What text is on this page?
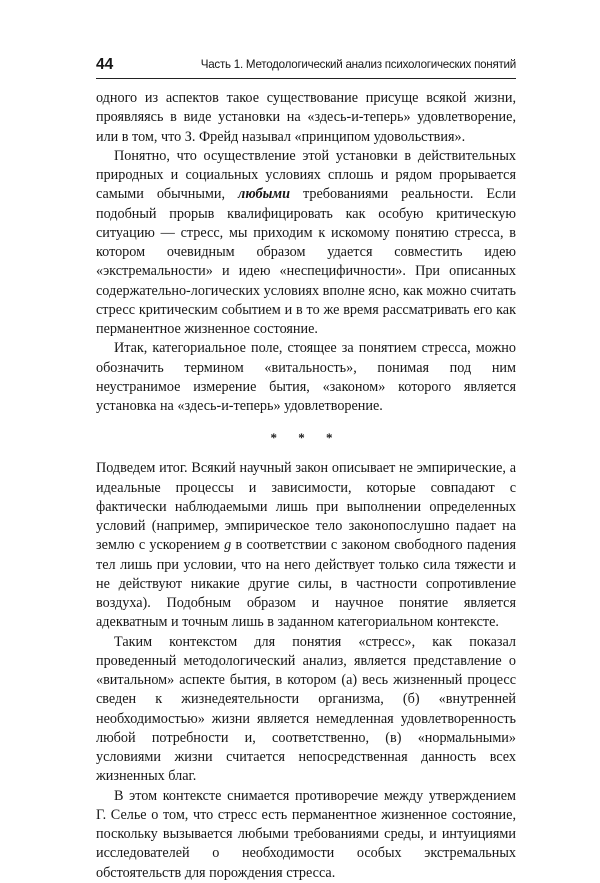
44	Часть 1. Методологический анализ психологических понятий

одного из аспектов такое существование присуще всякой жизни, проявляясь в виде установки на «здесь-и-теперь» удовлетворение, или в том, что З. Фрейд называл «принципом удовольствия».

Понятно, что осуществление этой установки в действительных природных и социальных условиях сплошь и рядом прорывается самыми обычными, любыми требованиями реальности. Если подобный прорыв квалифицировать как особую критическую ситуацию — стресс, мы приходим к искомому понятию стресса, в котором очевидным образом удается совместить идею «экстремальности» и идею «неспецифичности». При описанных содержательно-логических условиях вполне ясно, как можно считать стресс критическим событием и в то же время рассматривать его как перманентное жизненное состояние.

Итак, категориальное поле, стоящее за понятием стресса, можно обозначить термином «витальность», понимая под ним неустранимое измерение бытия, «законом» которого является установка на «здесь-и-теперь» удовлетворение.

* * *

Подведем итог. Всякий научный закон описывает не эмпирические, а идеальные процессы и зависимости, которые совпадают с фактически наблюдаемыми лишь при выполнении определенных условий (например, эмпирическое тело законопослушно падает на землю с ускорением g в соответствии с законом свободного падения тел лишь при условии, что на него действует только сила тяжести и не действуют никакие другие силы, в частности сопротивление воздуха). Подобным образом и научное понятие является адекватным и точным лишь в заданном категориальном контексте.

Таким контекстом для понятия «стресс», как показал проведенный методологический анализ, является представление о «витальном» аспекте бытия, в котором (а) весь жизненный процесс сведен к жизнедеятельности организма, (б) «внутренней необходимостью» жизни является немедленная удовлетворенность любой потребности и, соответственно, (в) «нормальными» условиями жизни считается непосредственная данность всех жизненных благ.

В этом контексте снимается противоречие между утверждением Г. Селье о том, что стресс есть перманентное жизненное состояние, поскольку вызывается любыми требованиями среды, и интуициями исследователей о необходимости особых экстремальных обстоятельств для порождения стресса.
